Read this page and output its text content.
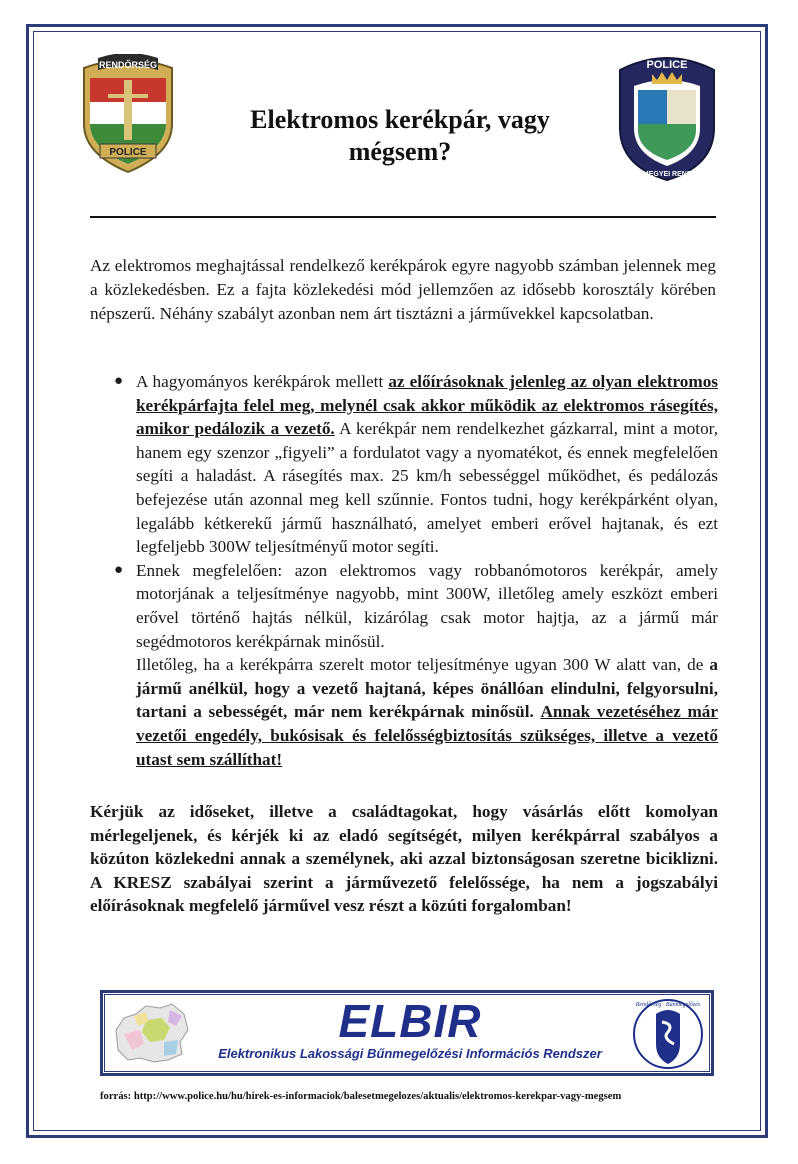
RENDŐRSÉG
POLICE
POLICE
BÉKÉS MEGYEI RENDŐRSÉG
Elektromos kerékpár, vagy
mégsem?

Az elektromos meghajtással rendelkező kerékpárok egyre nagyobb számban jelennek meg a közlekedésben. Ez a fajta közlekedési mód jellemzően az idősebb korosztály körében népszerű. Néhány szabályt azonban nem árt tisztázni a járművekkel kapcsolatban.

● A hagyományos kerékpárok mellett az előírásoknak jelenleg az olyan elektromos kerékpárfajta felel meg, melynél csak akkor működik az elektromos rásegítés, amikor pedálozik a vezető. A kerékpár nem rendelkezhet gázkarral, mint a motor, hanem egy szenzor „figyeli” a fordulatot vagy a nyomatékot, és ennek megfelelően segíti a haladást. A rásegítés max. 25 km/h sebességgel működhet, és pedálozás befejezése után azonnal meg kell szűnnie. Fontos tudni, hogy kerékpárként olyan, legalább kétkerekű jármű használható, amelyet emberi erővel hajtanak, és ezt legfeljebb 300W teljesítményű motor segíti.

● Ennek megfelelően: azon elektromos vagy robbanómotoros kerékpár, amely motorjának a teljesítménye nagyobb, mint 300W, illetőleg amely eszközt emberi erővel történő hajtás nélkül, kizárólag csak motor hajtja, az a jármű már segédmotoros kerékpárnak minősül.

Illetőleg, ha a kerékpárra szerelt motor teljesítménye ugyan 300 W alatt van, de a jármű anélkül, hogy a vezető hajtaná, képes önállóan elindulni, felgyorsulni, tartani a sebességét, már nem kerékpárnak minősül. Annak vezetéséhez már vezetői engedély, bukósisak és felelősségbiztosítás szükséges, illetve a vezető utast sem szállíthat!

Kérjük az időseket, illetve a családtagokat, hogy vásárlás előtt komolyan mérlegeljenek, és kérjék ki az eladó segítségét, milyen kerékpárral szabályos a közúton közlekedni annak a személynek, aki azzal biztonságosan szeretne biciklizni. A KRESZ szabályai szerint a járművezető felelőssége, ha nem a jogszabályi előírásoknak megfelelő járművel vesz részt a közúti forgalomban!

ELBIR
Elektronikus Lakossági Bűnmegelőzési Információs Rendszer
Rendőrség · Bűnmegelőzés
forrás: http://www.police.hu/hu/hirek-es-informaciok/balesetmegelozes/aktualis/elektromos-kerekpar-vagy-megsem
